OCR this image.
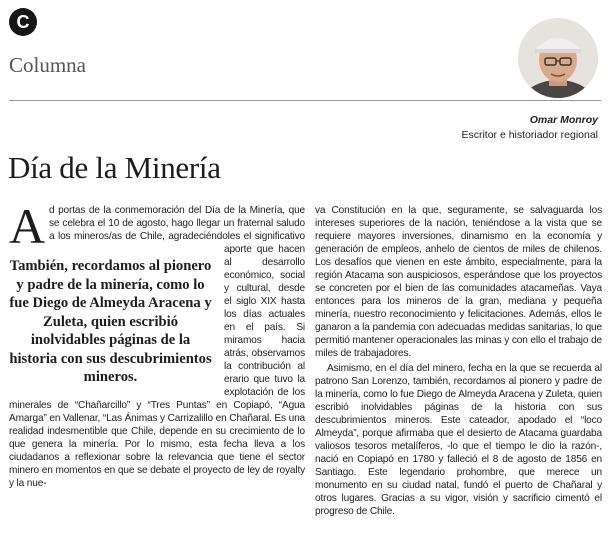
C
Columna
Omar Monroy
Escritor e historiador regional
Día de la Minería
A
También, recordamos al pionero y padre de la minería, como lo fue Diego de Almeyda Aracena y Zuleta, quien escribió inolvidables páginas de la historia con sus descubrimientos mineros.

d portas de la conmemoración del Día de la Minería, que se celebra el 10 de agosto, hago llegar un fraternal saludo a los mineros/as de Chile, agradeciéndoles el significativo aporte que hacen al desarrollo económico, social y cultural, desde el siglo XIX hasta los días actuales en el país. Si miramos hacia atrás, observamos la contribución al erario que tuvo la explotación de los minerales de “Chañarcillo” y “Tres Puntas” en Copiapó, “Agua Amarga” en Vallenar, “Las Ánimas y Carrizalillo en Chañaral. Es una realidad indesmentible que Chile, depende en su crecimiento de lo que genera la minería. Por lo mismo, esta fecha lleva a los ciudadanos a reflexionar sobre la relevancia que tiene el sector minero en momentos en que se debate el proyecto de ley de royalty y la nue-

va Constitución en la que, seguramente, se salvaguarda los intereses superiores de la nación, teniéndose a la vista que se requiere mayores inversiones, dinamismo en la economía y generación de empleos, anhelo de cientos de miles de chilenos. Los desafíos que vienen en este ámbito, especialmente, para la región Atacama son auspiciosos, esperándose que los proyectos se concreten por el bien de las comunidades atacameñas. Vaya entonces para los mineros de la gran, mediana y pequeña minería, nuestro reconocimiento y felicitaciones. Además, ellos le ganaron a la pandemia con adecuadas medidas sanitarias, lo que permitió mantener operacionales las minas y con ello el trabajo de miles de trabajadores.

Asimismo, en el día del minero, fecha en la que se recuerda al patrono San Lorenzo, también, recordamos al pionero y padre de la minería, como lo fue Diego de Almeyda Aracena y Zuleta, quien escribió inolvidables páginas de la historia con sus descubrimientos mineros. Este cateador, apodado el “loco Almeyda”, porque afirmaba que el desierto de Atacama guardaba valiosos tesoros metalíferos, -lo que el tiempo le dio la razón-, nació en Copiapó en 1780 y falleció el 8 de agosto de 1856 en Santiago. Este legendario prohombre, que merece un monumento en su ciudad natal, fundó el puerto de Chañaral y otros lugares. Gracias a su vigor, visión y sacrificio cimentó el progreso de Chile.
